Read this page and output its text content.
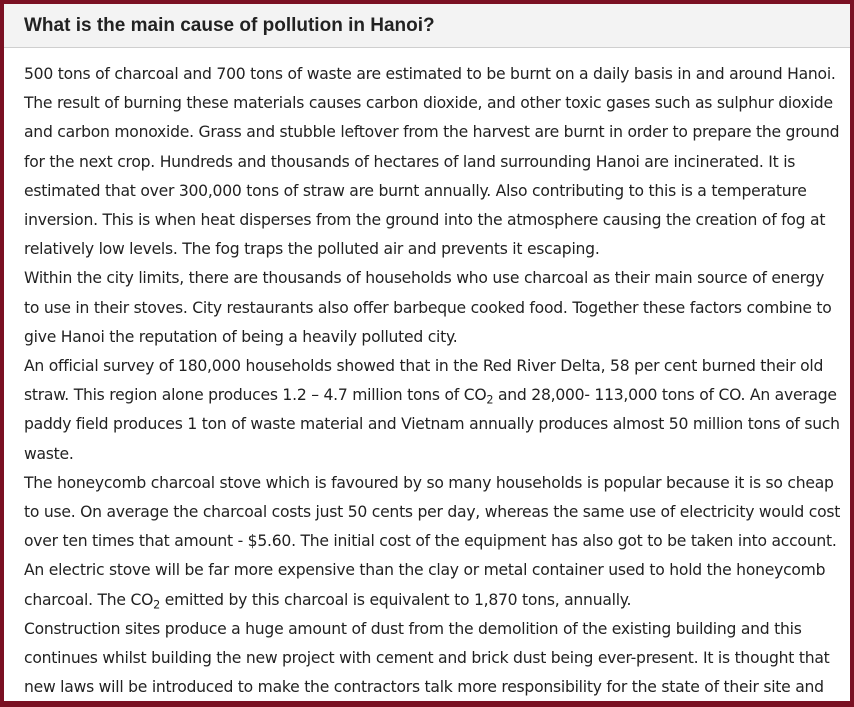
What is the main cause of pollution in Hanoi?

500 tons of charcoal and 700 tons of waste are estimated to be burnt on a daily basis in and around Hanoi. The result of burning these materials causes carbon dioxide, and other toxic gases such as sulphur dioxide and carbon monoxide. Grass and stubble leftover from the harvest are burnt in order to prepare the ground for the next crop. Hundreds and thousands of hectares of land surrounding Hanoi are incinerated. It is estimated that over 300,000 tons of straw are burnt annually. Also contributing to this is a temperature inversion. This is when heat disperses from the ground into the atmosphere causing the creation of fog at relatively low levels. The fog traps the polluted air and prevents it escaping.

Within the city limits, there are thousands of households who use charcoal as their main source of energy to use in their stoves. City restaurants also offer barbeque cooked food. Together these factors combine to give Hanoi the reputation of being a heavily polluted city.

An official survey of 180,000 households showed that in the Red River Delta, 58 per cent burned their old straw. This region alone produces 1.2 – 4.7 million tons of $CO_2$ and 28,000- 113,000 tons of CO. An average paddy field produces 1 ton of waste material and Vietnam annually produces almost 50 million tons of such waste.

The honeycomb charcoal stove which is favoured by so many households is popular because it is so cheap to use. On average the charcoal costs just 50 cents per day, whereas the same use of electricity would cost over ten times that amount - $5.60. The initial cost of the equipment has also got to be taken into account. An electric stove will be far more expensive than the clay or metal container used to hold the honeycomb charcoal. The $CO_2$ emitted by this charcoal is equivalent to 1,870 tons, annually.

Construction sites produce a huge amount of dust from the demolition of the existing building and this continues whilst building the new project with cement and brick dust being ever-present. It is thought that new laws will be introduced to make the contractors talk more responsibility for the state of their site and
